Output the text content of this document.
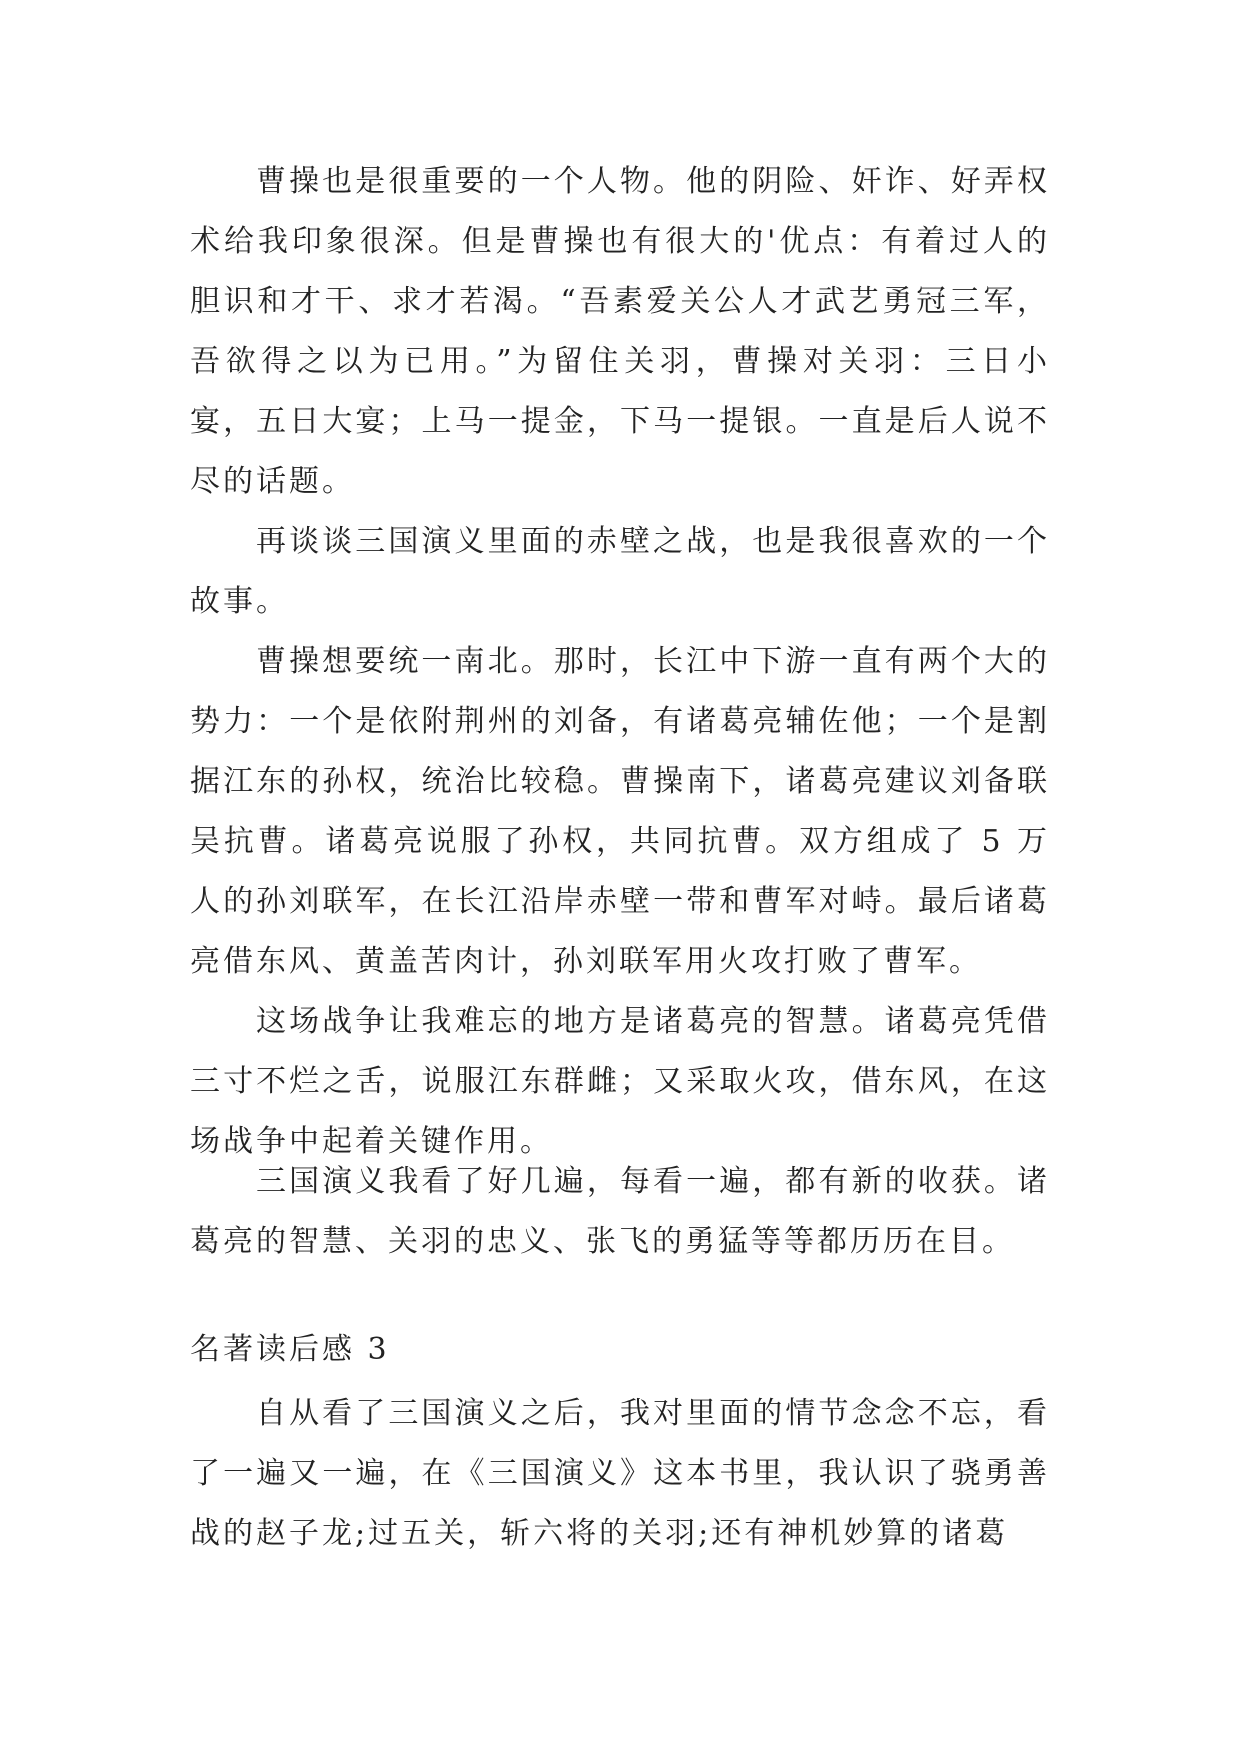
曹操也是很重要的一个人物。他的阴险、奸诈、好弄权术给我印象很深。但是曹操也有很大的'优点：有着过人的胆识和才干、求才若渴。“吾素爱关公人才武艺勇冠三军，吾欲得之以为已用。”为留住关羽，曹操对关羽：三日小宴，五日大宴；上马一提金，下马一提银。一直是后人说不尽的话题。

再谈谈三国演义里面的赤壁之战，也是我很喜欢的一个故事。

曹操想要统一南北。那时，长江中下游一直有两个大的势力：一个是依附荆州的刘备，有诸葛亮辅佐他；一个是割据江东的孙权，统治比较稳。曹操南下，诸葛亮建议刘备联吴抗曹。诸葛亮说服了孙权，共同抗曹。双方组成了 5 万人的孙刘联军，在长江沿岸赤壁一带和曹军对峙。最后诸葛亮借东风、黄盖苦肉计，孙刘联军用火攻打败了曹军。

这场战争让我难忘的地方是诸葛亮的智慧。诸葛亮凭借三寸不烂之舌，说服江东群雌；又采取火攻，借东风，在这场战争中起着关键作用。

三国演义我看了好几遍，每看一遍，都有新的收获。诸葛亮的智慧、关羽的忠义、张飞的勇猛等等都历历在目。

名著读后感 3

自从看了三国演义之后，我对里面的情节念念不忘，看了一遍又一遍，在《三国演义》这本书里，我认识了骁勇善战的赵子龙;过五关，斩六将的关羽;还有神机妙算的诸葛
